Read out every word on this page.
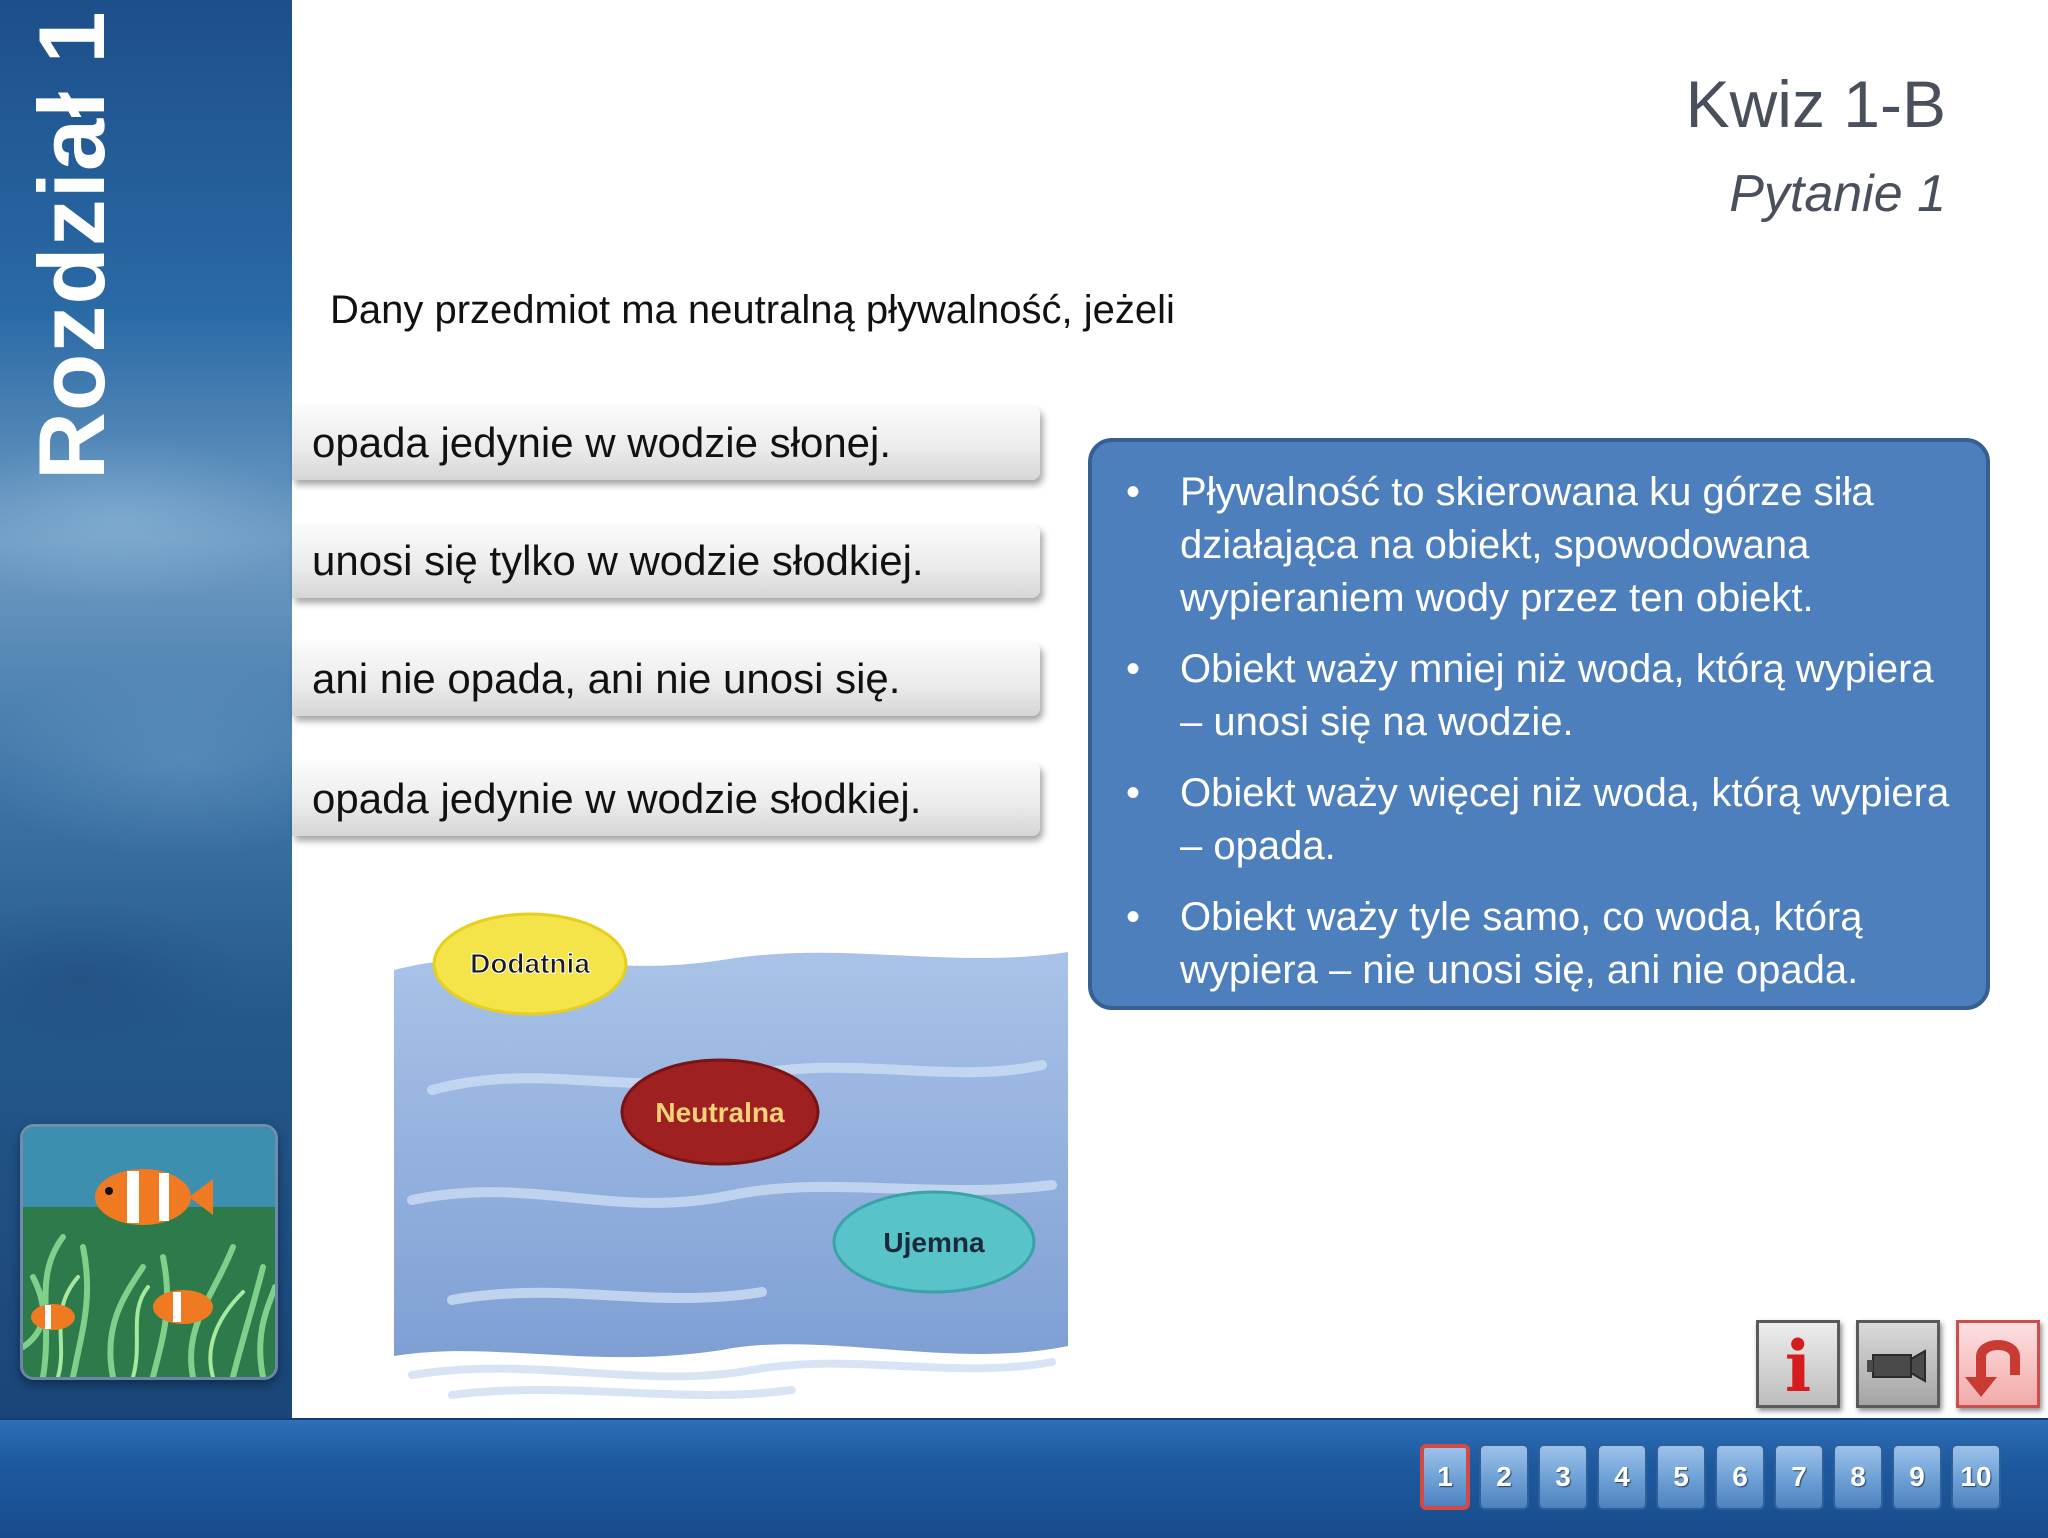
Rozdział 1	Kwiz 1-B
Pytanie 1
Dany przedmiot ma neutralną pływalność, jeżeli
opada jedynie w wodzie słonej.
unosi się tylko w wodzie słodkiej.
ani nie opada, ani nie unosi się.
opada jedynie w wodzie słodkiej.
• Pływalność to skierowana ku górze siła działająca na obiekt, spowodowana wypieraniem wody przez ten obiekt.
• Obiekt waży mniej niż woda, którą wypiera – unosi się na wodzie.
• Obiekt waży więcej niż woda, którą wypiera – opada.
• Obiekt waży tyle samo, co woda, którą wypiera – nie unosi się, ani nie opada.
Dodatnia
Neutralna
Ujemna
i
1	2	3	4	5	6	7	8	9	10
